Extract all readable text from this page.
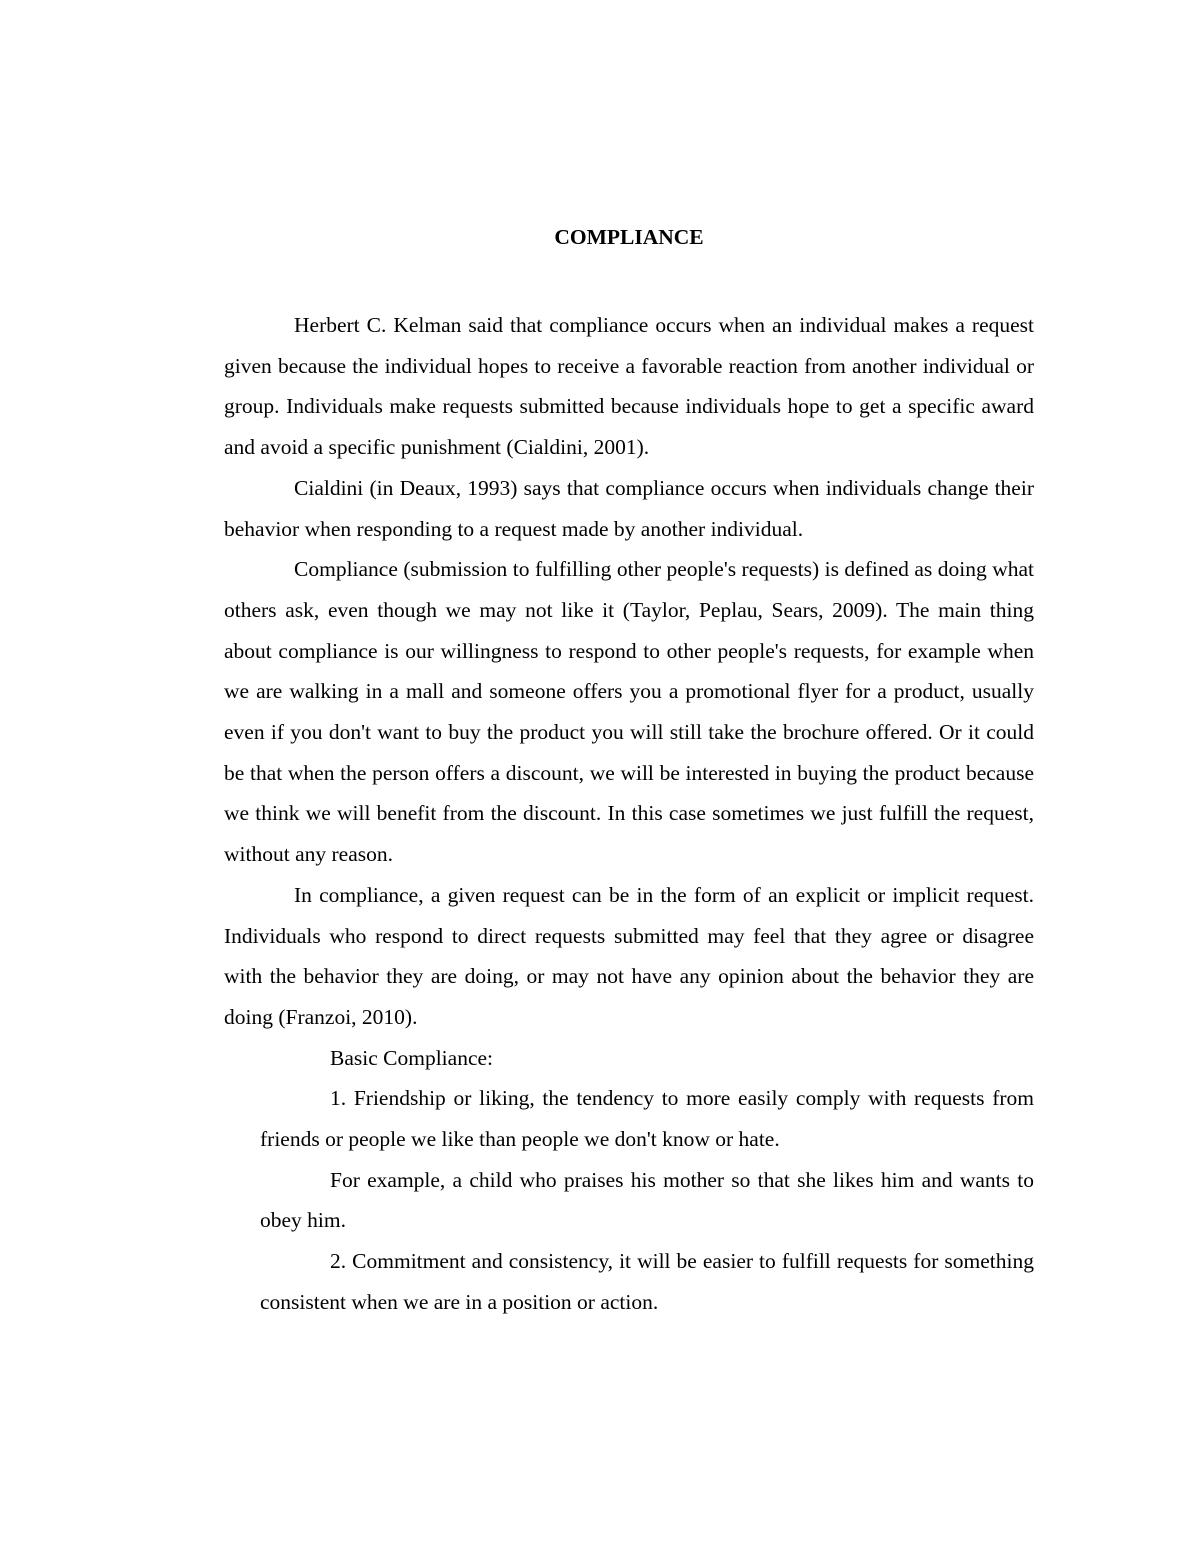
COMPLIANCE

Herbert C. Kelman said that compliance occurs when an individual makes a request given because the individual hopes to receive a favorable reaction from another individual or group. Individuals make requests submitted because individuals hope to get a specific award and avoid a specific punishment (Cialdini, 2001).

Cialdini (in Deaux, 1993) says that compliance occurs when individuals change their behavior when responding to a request made by another individual.

Compliance (submission to fulfilling other people's requests) is defined as doing what others ask, even though we may not like it (Taylor, Peplau, Sears, 2009). The main thing about compliance is our willingness to respond to other people's requests, for example when we are walking in a mall and someone offers you a promotional flyer for a product, usually even if you don't want to buy the product you will still take the brochure offered. Or it could be that when the person offers a discount, we will be interested in buying the product because we think we will benefit from the discount. In this case sometimes we just fulfill the request, without any reason.

In compliance, a given request can be in the form of an explicit or implicit request. Individuals who respond to direct requests submitted may feel that they agree or disagree with the behavior they are doing, or may not have any opinion about the behavior they are doing (Franzoi, 2010).

Basic Compliance:

1. Friendship or liking, the tendency to more easily comply with requests from friends or people we like than people we don't know or hate.

For example, a child who praises his mother so that she likes him and wants to obey him.

2. Commitment and consistency, it will be easier to fulfill requests for something consistent when we are in a position or action.
